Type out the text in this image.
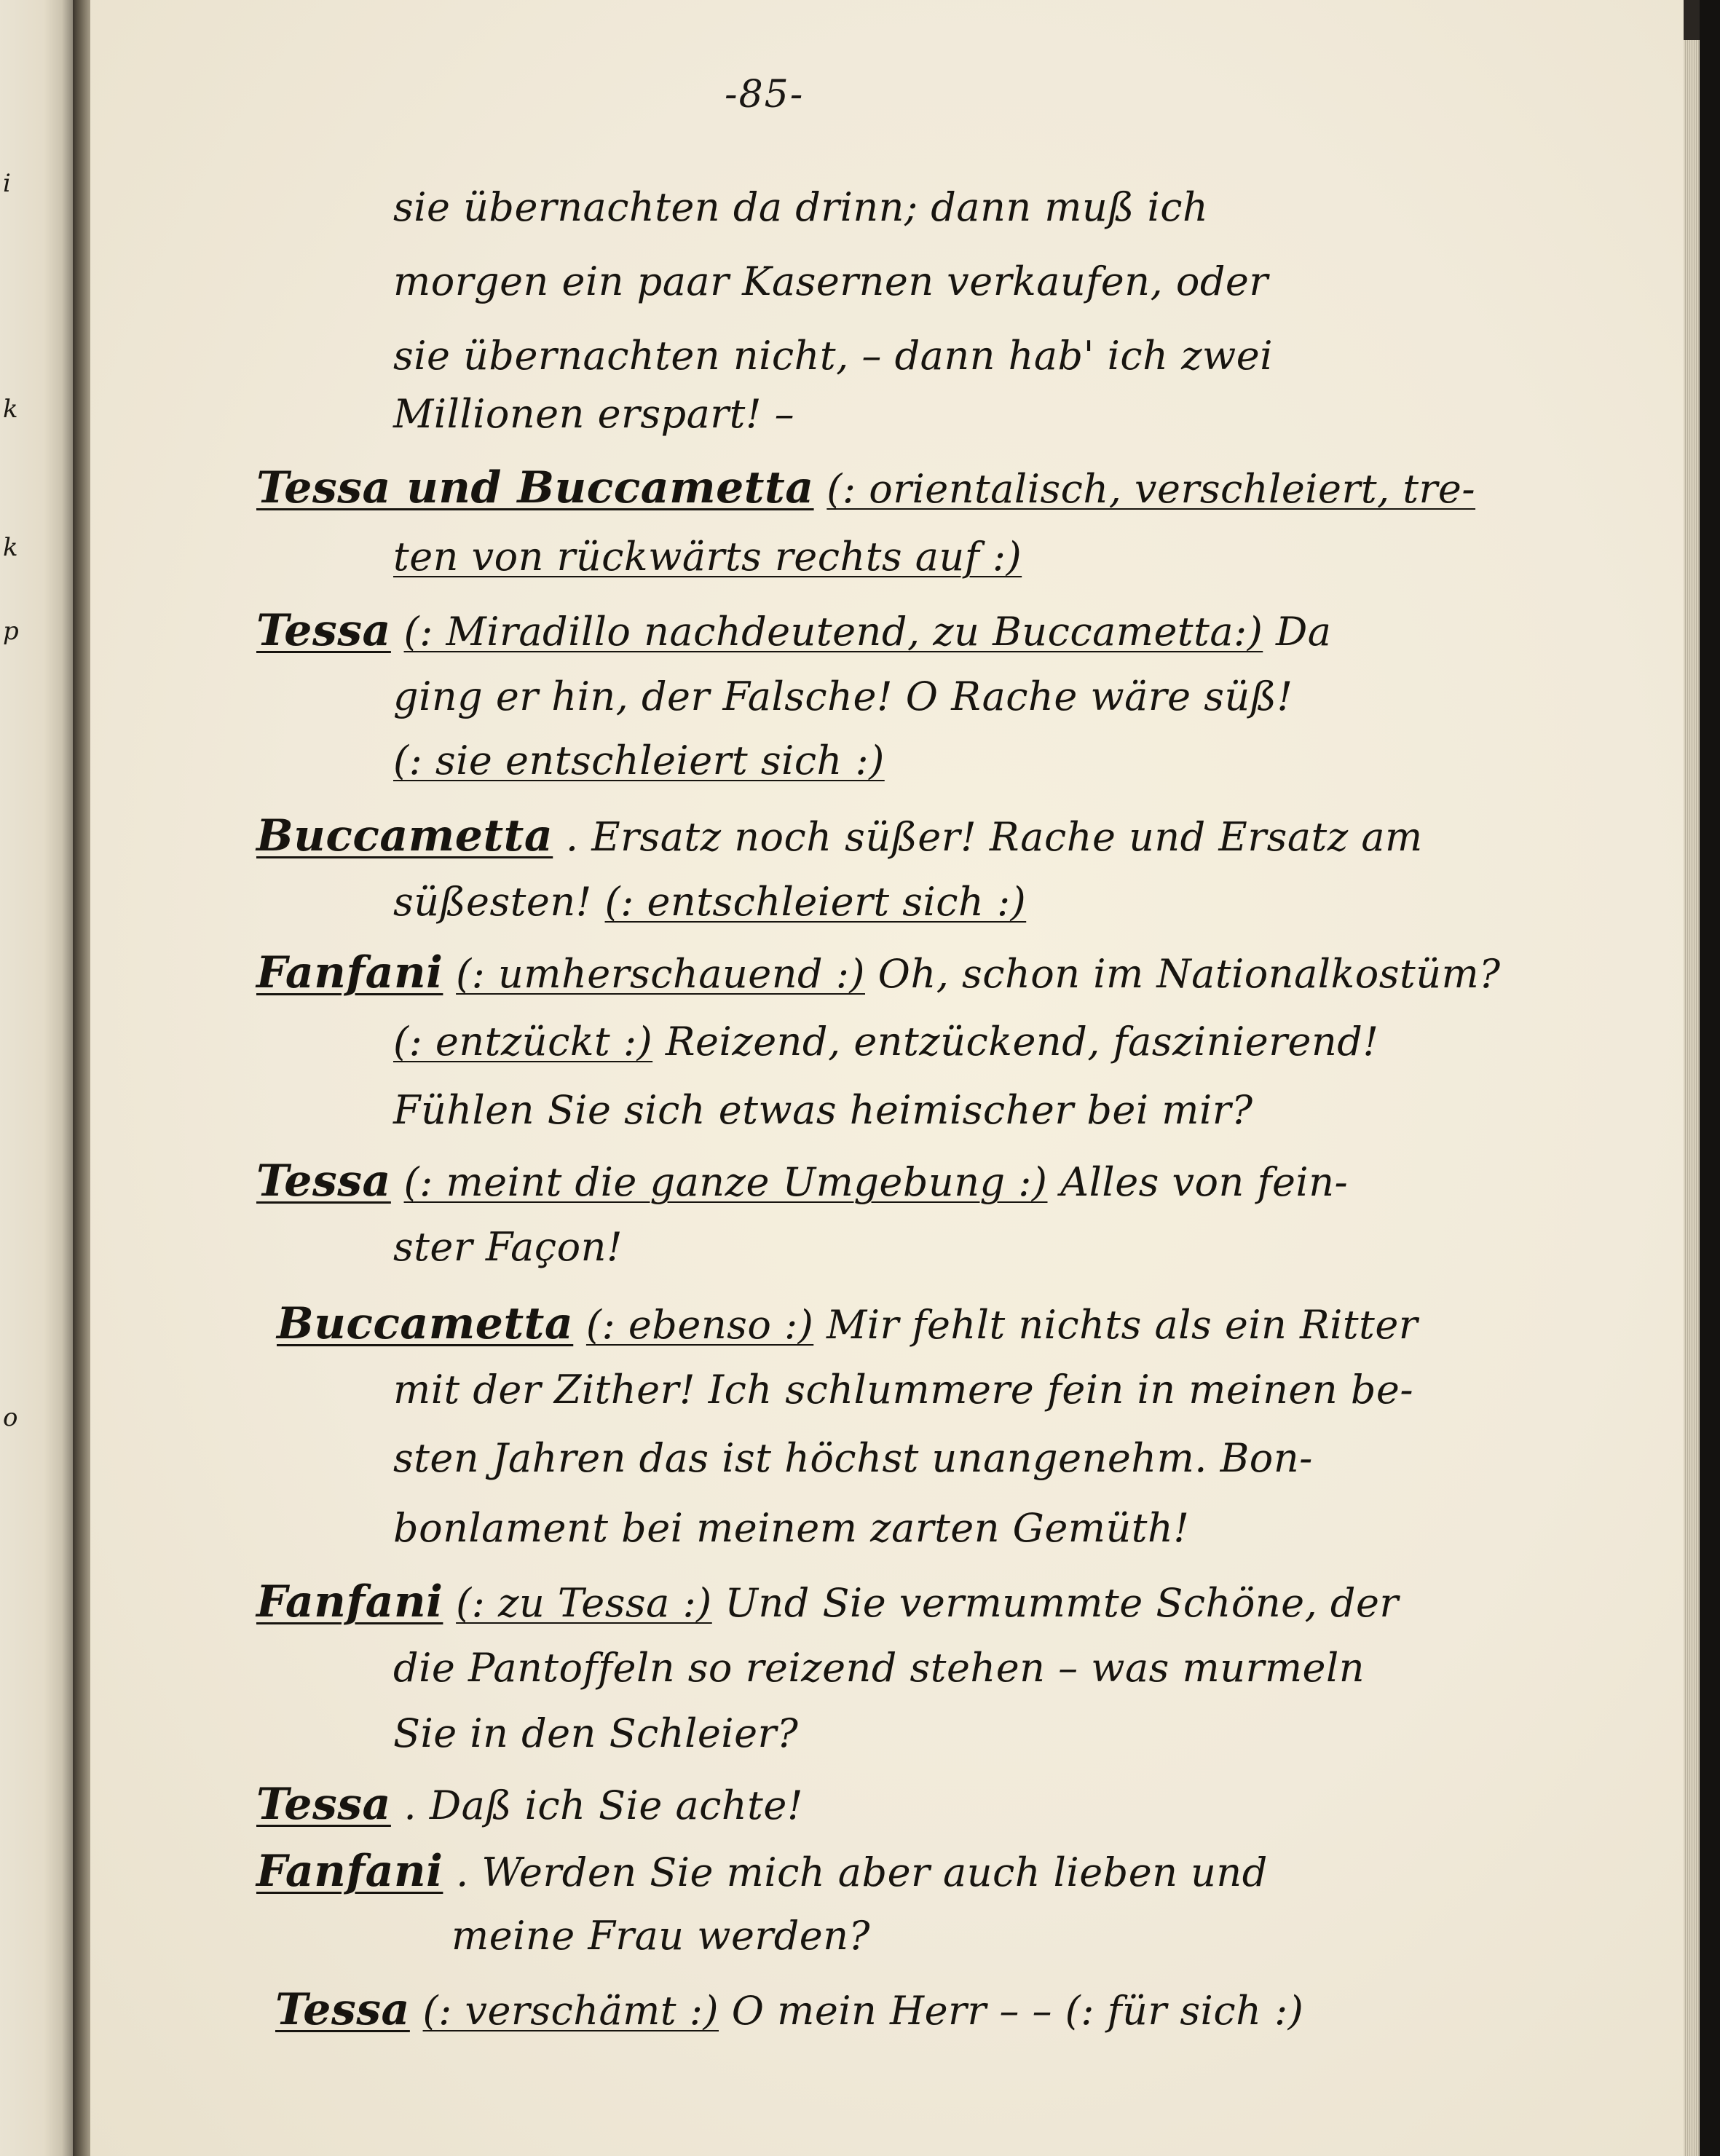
i
k
k
p
o
-85-
sie übernachten da drinn; dann muß ich
morgen ein paar Kasernen verkaufen, oder
sie übernachten nicht, – dann hab' ich zwei
Millionen erspart! –
Tessa und Buccametta (: orientalisch, verschleiert, tre-
ten von rückwärts rechts auf :)
Tessa (: Miradillo nachdeutend, zu Buccametta:) Da
ging er hin, der Falsche! O Rache wäre süß!
(: sie entschleiert sich :)
Buccametta . Ersatz noch süßer! Rache und Ersatz am
süßesten! (: entschleiert sich :)
Fanfani (: umherschauend :) Oh, schon im Nationalkostüm?
(: entzückt :) Reizend, entzückend, faszinierend!
Fühlen Sie sich etwas heimischer bei mir?
Tessa (: meint die ganze Umgebung :) Alles von fein-
ster Façon!
Buccametta (: ebenso :) Mir fehlt nichts als ein Ritter
mit der Zither! Ich schlummere fein in meinen be-
sten Jahren das ist höchst unangenehm. Bon-
bonlament bei meinem zarten Gemüth!
Fanfani (: zu Tessa :) Und Sie vermummte Schöne, der
die Pantoffeln so reizend stehen – was murmeln
Sie in den Schleier?
Tessa . Daß ich Sie achte!
Fanfani . Werden Sie mich aber auch lieben und
meine Frau werden?
Tessa (: verschämt :) O mein Herr – – (: für sich :)
